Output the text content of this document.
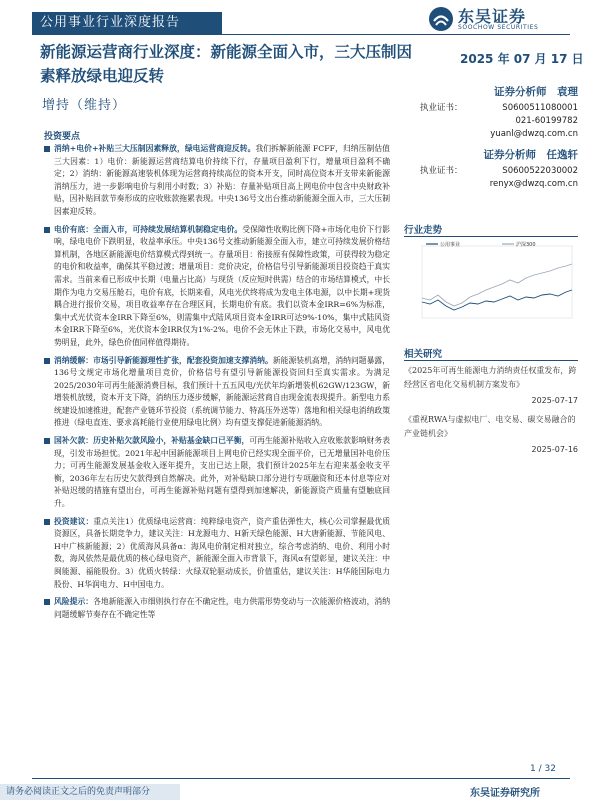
公用事业行业深度报告	东吴证券
SOOCHOW SECURITIES
新能源运营商行业深度：新能源全面入市，三大压制因素释放绿电迎反转
2025 年 07 月 17 日
增持（维持）
证券分析师　袁理
执业证书：	S0600511080001
021-60199782
yuanl@dwzq.com.cn
证券分析师　任逸轩
执业证书：	S0600522030002
renyx@dwzq.com.cn
行业走势
公用事业	沪深300
相关研究
《2025年可再生能源电力消纳责任权重发布，跨经营区省电化交易机制方案发布》
2025-07-17
《重视RWA与虚拟电厂、电交易、碳交易融合的产业链机会》
2025-07-16
投资要点
消纳+电价+补贴三大压制因素释放，绿电运营商迎反转。我们拆解新能源 FCFF，归纳压制估值三大因素：1）电价：新能源运营商结算电价持续下行，存量项目盈利下行，增量项目盈利不确定；2）消纳：新能源高速装机体现为运营商持续高位的资本开支，同时高位资本开支带来新能源消纳压力，进一步影响电价与利用小时数；3）补贴：存量补贴项目高上网电价中包含中央财政补贴，因补贴回款节奏形成的应收账款拖累表现。中央136号文出台推动新能源全面入市，三大压制因素迎反转。
电价有底：全面入市，可持续发展结算机制稳定电价。受保障性收购比例下降+市场化电价下行影响，绿电电价下跌明显，收益率承压。中央136号文推动新能源全面入市，建立可持续发展价格结算机制，各地区新能源电价结算模式得到统一。存量项目：衔接原有保障性政策，可获得较为稳定的电价和收益率，确保其平稳过渡；增量项目：竞价决定，价格信号引导新能源项目投资趋于真实需求。当前来看已形成中长期（电量占比高）与现货（反应短时供需）结合的市场结算模式，中长期作为电力交易压舱石，电价有底，长期来看，风电光伏终将成为发电主体电源，以中长期+现货耦合进行报价交易，项目收益率存在合理区间，长期电价有底。我们以资本金IRR=6%为标准，集中式光伏资本金IRR下降至6%，则需集中式陆风项目资本金IRR可达9%-10%，集中式陆风资本金IRR下降至6%，光伏资本金IRR仅为1%-2%。电价不会无休止下跌，市场化交易中，风电优势明显，此外，绿色价值同样值得期待。
消纳缓解：市场引导新能源理性扩张，配套投资加速支撑消纳。新能源装机高增，消纳问题暴露，136号文规定市场化增量项目竞价，价格信号有望引导新能源投资回归至真实需求。为满足2025/2030年可再生能源消费目标，我们预计十五五风电/光伏年均新增装机62GW/123GW，新增装机放缓，资本开支下降，消纳压力逐步缓解，新能源运营商自由现金流表现提升。新型电力系统建设加速推进，配套产业链环节投资（系统调节能力、特高压外送等）落地和相关绿电消纳政策推进（绿电直连、要求高耗能行业使用绿电比例）均有望支撑促进新能源消纳。
国补欠款：历史补贴欠款风险小，补贴基金缺口已平衡，可再生能源补贴收入应收账款影响财务表现，引发市场担忧。2021年起中国新能源项目上网电价已经实现全面平价，已无增量国补电价压力；可再生能源发展基金收入逐年提升，支出已达上限，我们预计2025年左右迎来基金收支平衡，2036年左右历史欠款得到自然解决。此外，对补贴缺口部分进行专项融资和还本付息等应对补贴迟缓的措施有望出台，可再生能源补贴问题有望得到加速解决，新能源资产质量有望触底回升。
投资建议：重点关注1）优质绿电运营商：纯粹绿电资产，资产重估弹性大，核心公司掌握最优质资源区，具备长期竞争力，建议关注：H龙源电力、H新天绿色能源、H大唐新能源、节能风电、H中广核新能源；2）优质海风具备α：海风电价制定相对独立，综合考虑消纳、电价、利用小时数，海风依然是最优质的核心绿电资产，新能源全面入市背景下，海风α有望彰显，建议关注：中闽能源、福能股份。3）优质火转绿：火绿双轮驱动成长，价值重估，建议关注：H华能国际电力股份、H华润电力、H中国电力。
风险提示：各地新能源入市细则执行存在不确定性，电力供需形势变动与一次能源价格波动，消纳问题缓解节奏存在不确定性等
1 / 32
请务必阅读正文之后的免责声明部分	东吴证券研究所
